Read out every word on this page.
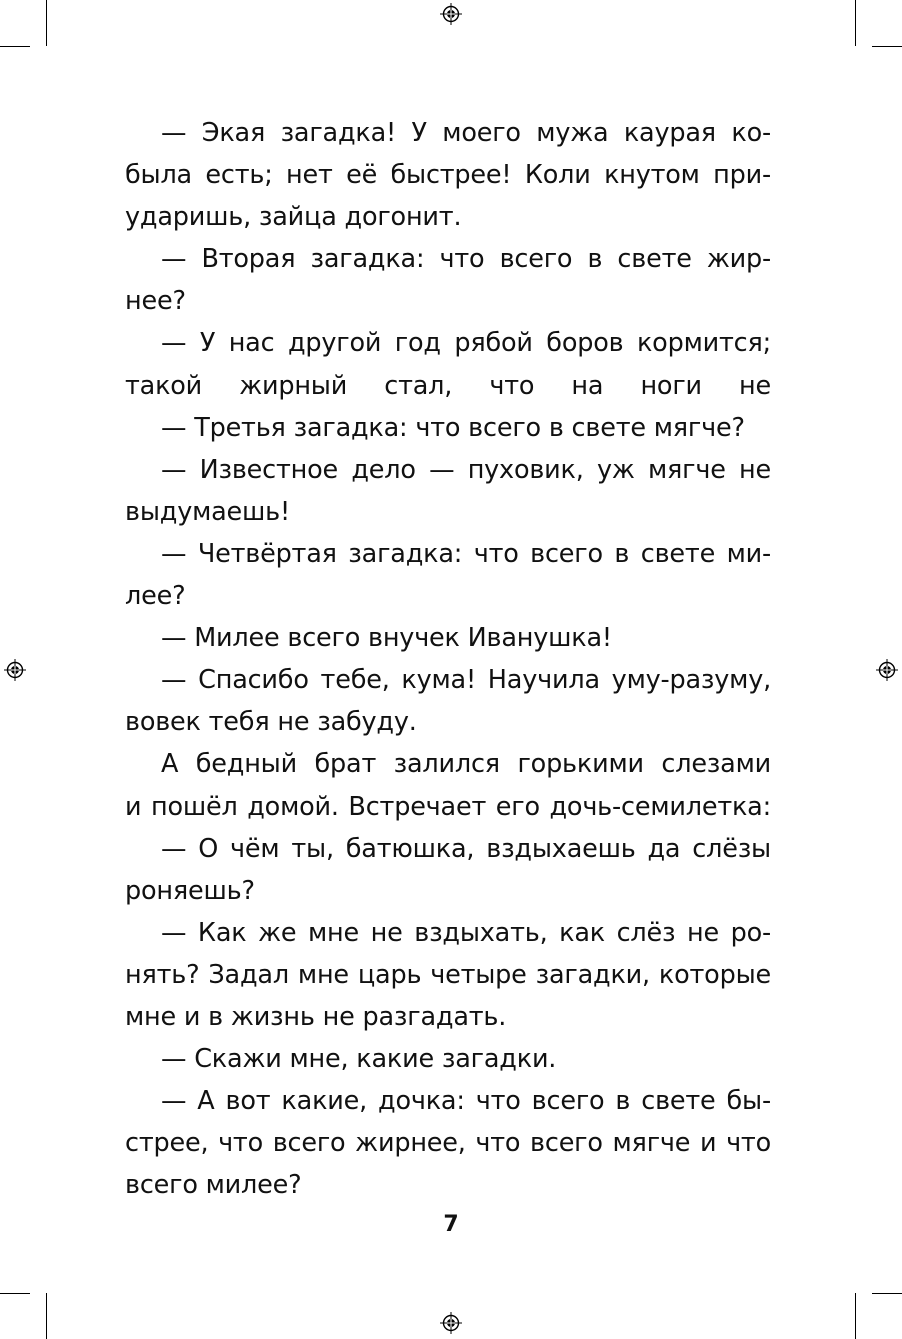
— Экая загадка! У моего мужа каурая ко-
была есть; нет её быстрее! Коли кнутом при-
ударишь, зайца догонит.
— Вторая загадка: что всего в свете жир-
нее?
— У нас другой год рябой боров кормится;
такой жирный стал, что на ноги не
— Третья загадка: что всего в свете мягче?
— Известное дело — пуховик, уж мягче не
выдумаешь!
— Четвёртая загадка: что всего в свете ми-
лее?
— Милее всего внучек Иванушка!
— Спасибо тебе, кума! Научила уму-разуму,
вовек тебя не забуду.
А бедный брат залился горькими слезами
и пошёл домой. Встречает его дочь-семилетка:
— О чём ты, батюшка, вздыхаешь да слёзы
роняешь?
— Как же мне не вздыхать, как слёз не ро-
нять? Задал мне царь четыре загадки, которые
мне и в жизнь не разгадать.
— Скажи мне, какие загадки.
— А вот какие, дочка: что всего в свете бы-
стрее, что всего жирнее, что всего мягче и что
всего милее?
7
